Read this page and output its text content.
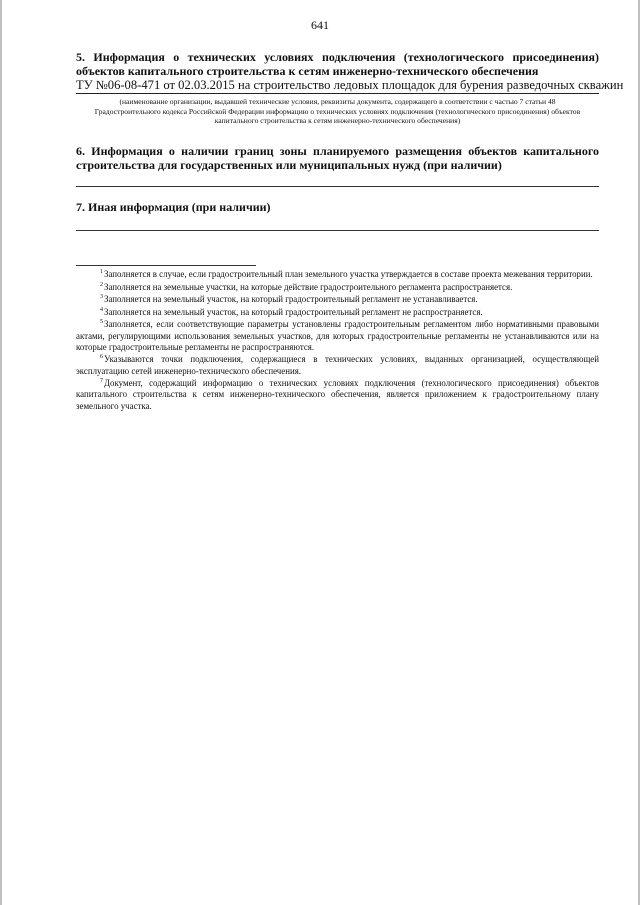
641

5. Информация о технических условиях подключения (технологического присоединения) объектов капитального строительства к сетям инженерно-технического обеспечения

ТУ №06-08-471 от 02.03.2015 на строительство ледовых площадок для бурения разведочных скважин

(наименование организации, выдавшей технические условия, реквизиты документа, содержащего в соответствии с частью 7 статьи 48 Градостроительного кодекса Российской Федерации информацию о технических условиях подключения (технологического присоединения) объектов капитального строительства к сетям инженерно-технического обеспечения)

6. Информация о наличии границ зоны планируемого размещения объектов капитального строительства для государственных или муниципальных нужд (при наличии)

7. Иная информация (при наличии)

$^1$Заполняется в случае, если градостроительный план земельного участка утверждается в составе проекта межевания территории.

$^2$Заполняется на земельные участки, на которые действие градостроительного регламента распространяется.

$^3$Заполняется на земельный участок, на который градостроительный регламент не устанавливается.

$^4$Заполняется на земельный участок, на который градостроительный регламент не распространяется.

$^5$Заполняется, если соответствующие параметры установлены градостроительным регламентом либо нормативными правовыми актами, регулирующими использования земельных участков, для которых градостроительные регламенты не устанавливаются или на которые градостроительные регламенты не распространяются.

$^6$Указываются точки подключения, содержащиеся в технических условиях, выданных организацией, осуществляющей эксплуатацию сетей инженерно-технического обеспечения.

$^7$Документ, содержащий информацию о технических условиях подключения (технологического присоединения) объектов капитального строительства к сетям инженерно-технического обеспечения, является приложением к градостроительному плану земельного участка.
